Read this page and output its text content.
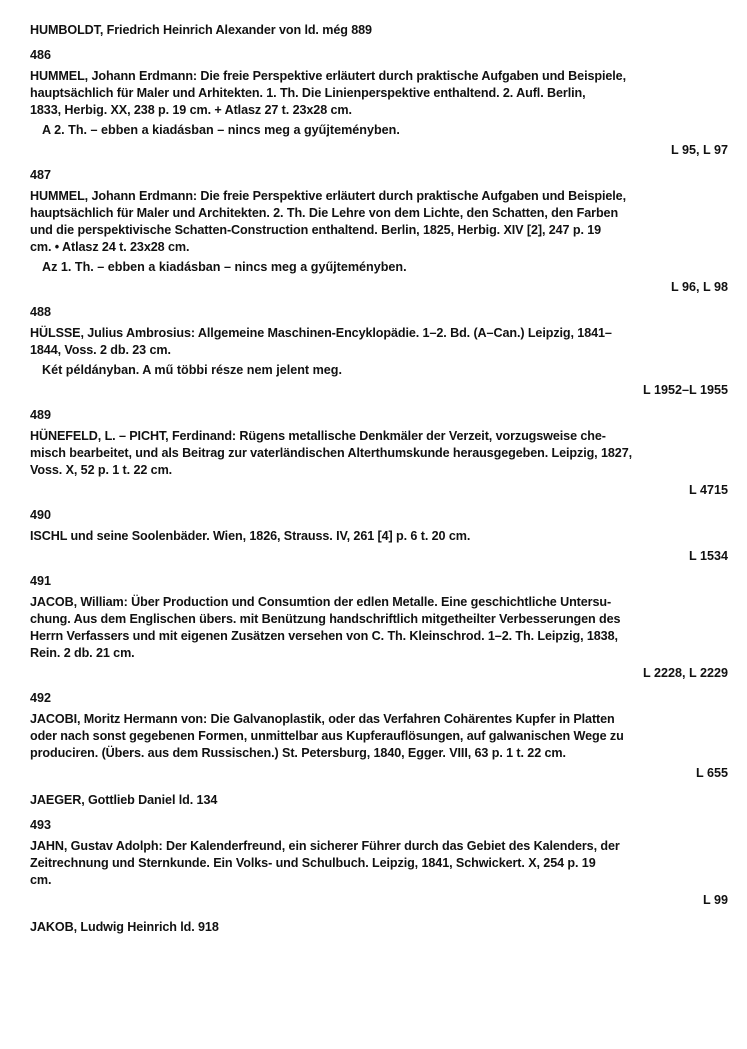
HUMBOLDT, Friedrich Heinrich Alexander von ld. még 889
486
HUMMEL, Johann Erdmann: Die freie Perspektive erläutert durch praktische Aufgaben und Beispiele,
hauptsächlich für Maler und Arhitekten. 1. Th. Die Linienperspektive enthaltend. 2. Aufl. Berlin,
1833, Herbig. XX, 238 p. 19 cm. + Atlasz 27 t. 23x28 cm.
A 2. Th. – ebben a kiadásban – nincs meg a gyűjteményben.
L 95, L 97
487
HUMMEL, Johann Erdmann: Die freie Perspektive erläutert durch praktische Aufgaben und Beispiele,
hauptsächlich für Maler und Architekten. 2. Th. Die Lehre von dem Lichte, den Schatten, den Farben
und die perspektivische Schatten-Construction enthaltend. Berlin, 1825, Herbig. XIV [2], 247 p. 19
cm. • Atlasz 24 t. 23x28 cm.
Az 1. Th. – ebben a kiadásban – nincs meg a gyűjteményben.
L 96, L 98
488
HÜLSSE, Julius Ambrosius: Allgemeine Maschinen-Encyklopädie. 1–2. Bd. (A–Can.) Leipzig, 1841–
1844, Voss. 2 db. 23 cm.
Két példányban. A mű többi része nem jelent meg.
L 1952–L 1955
489
HÜNEFELD, L. – PICHT, Ferdinand: Rügens metallische Denkmäler der Verzeit, vorzugsweise che-
misch bearbeitet, und als Beitrag zur vaterländischen Alterthumskunde herausgegeben. Leipzig, 1827,
Voss. X, 52 p. 1 t. 22 cm.
L 4715
490
ISCHL und seine Soolenbäder. Wien, 1826, Strauss. IV, 261 [4] p. 6 t. 20 cm.
L 1534
491
JACOB, William: Über Production und Consumtion der edlen Metalle. Eine geschichtliche Untersu-
chung. Aus dem Englischen übers. mit Benützung handschriftlich mitgetheilter Verbesserungen des
Herrn Verfassers und mit eigenen Zusätzen versehen von C. Th. Kleinschrod. 1–2. Th. Leipzig, 1838,
Rein. 2 db. 21 cm.
L 2228, L 2229
492
JACOBI, Moritz Hermann von: Die Galvanoplastik, oder das Verfahren Cohärentes Kupfer in Platten
oder nach sonst gegebenen Formen, unmittelbar aus Kupferauflösungen, auf galwanischen Wege zu
produciren. (Übers. aus dem Russischen.) St. Petersburg, 1840, Egger. VIII, 63 p. 1 t. 22 cm.
L 655
JAEGER, Gottlieb Daniel ld. 134
493
JAHN, Gustav Adolph: Der Kalenderfreund, ein sicherer Führer durch das Gebiet des Kalenders, der
Zeitrechnung und Sternkunde. Ein Volks- und Schulbuch. Leipzig, 1841, Schwickert. X, 254 p. 19
cm.
L 99
JAKOB, Ludwig Heinrich ld. 918
